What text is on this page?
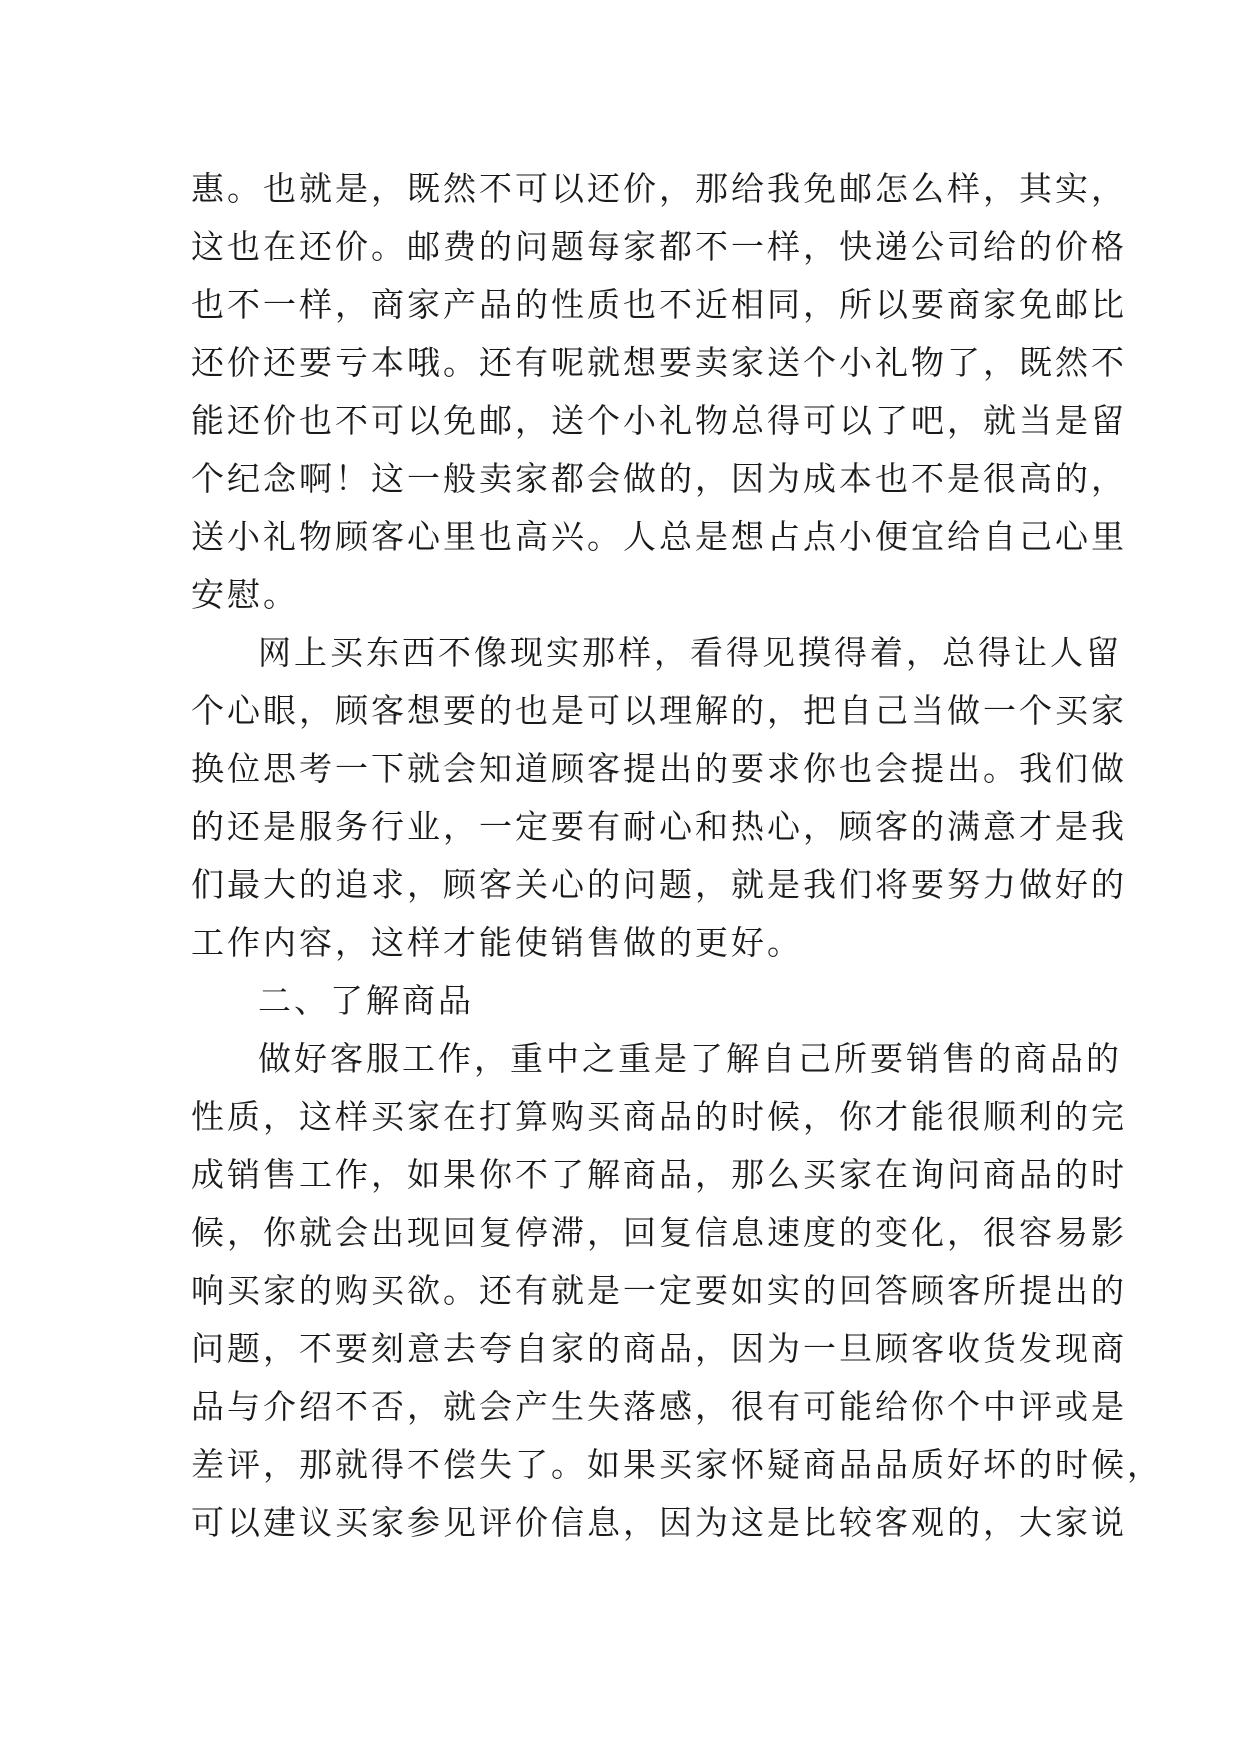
惠。也就是，既然不可以还价，那给我免邮怎么样，其实，
这也在还价。邮费的问题每家都不一样，快递公司给的价格
也不一样，商家产品的性质也不近相同，所以要商家免邮比
还价还要亏本哦。还有呢就想要卖家送个小礼物了，既然不
能还价也不可以免邮，送个小礼物总得可以了吧，就当是留
个纪念啊！这一般卖家都会做的，因为成本也不是很高的，
送小礼物顾客心里也高兴。人总是想占点小便宜给自己心里
安慰。
网上买东西不像现实那样，看得见摸得着，总得让人留
个心眼，顾客想要的也是可以理解的，把自己当做一个买家
换位思考一下就会知道顾客提出的要求你也会提出。我们做
的还是服务行业，一定要有耐心和热心，顾客的满意才是我
们最大的追求，顾客关心的问题，就是我们将要努力做好的
工作内容，这样才能使销售做的更好。
二、了解商品
做好客服工作，重中之重是了解自己所要销售的商品的
性质，这样买家在打算购买商品的时候，你才能很顺利的完
成销售工作，如果你不了解商品，那么买家在询问商品的时
候，你就会出现回复停滞，回复信息速度的变化，很容易影
响买家的购买欲。还有就是一定要如实的回答顾客所提出的
问题，不要刻意去夸自家的商品，因为一旦顾客收货发现商
品与介绍不否，就会产生失落感，很有可能给你个中评或是
差评，那就得不偿失了。如果买家怀疑商品品质好坏的时候，
可以建议买家参见评价信息，因为这是比较客观的，大家说
